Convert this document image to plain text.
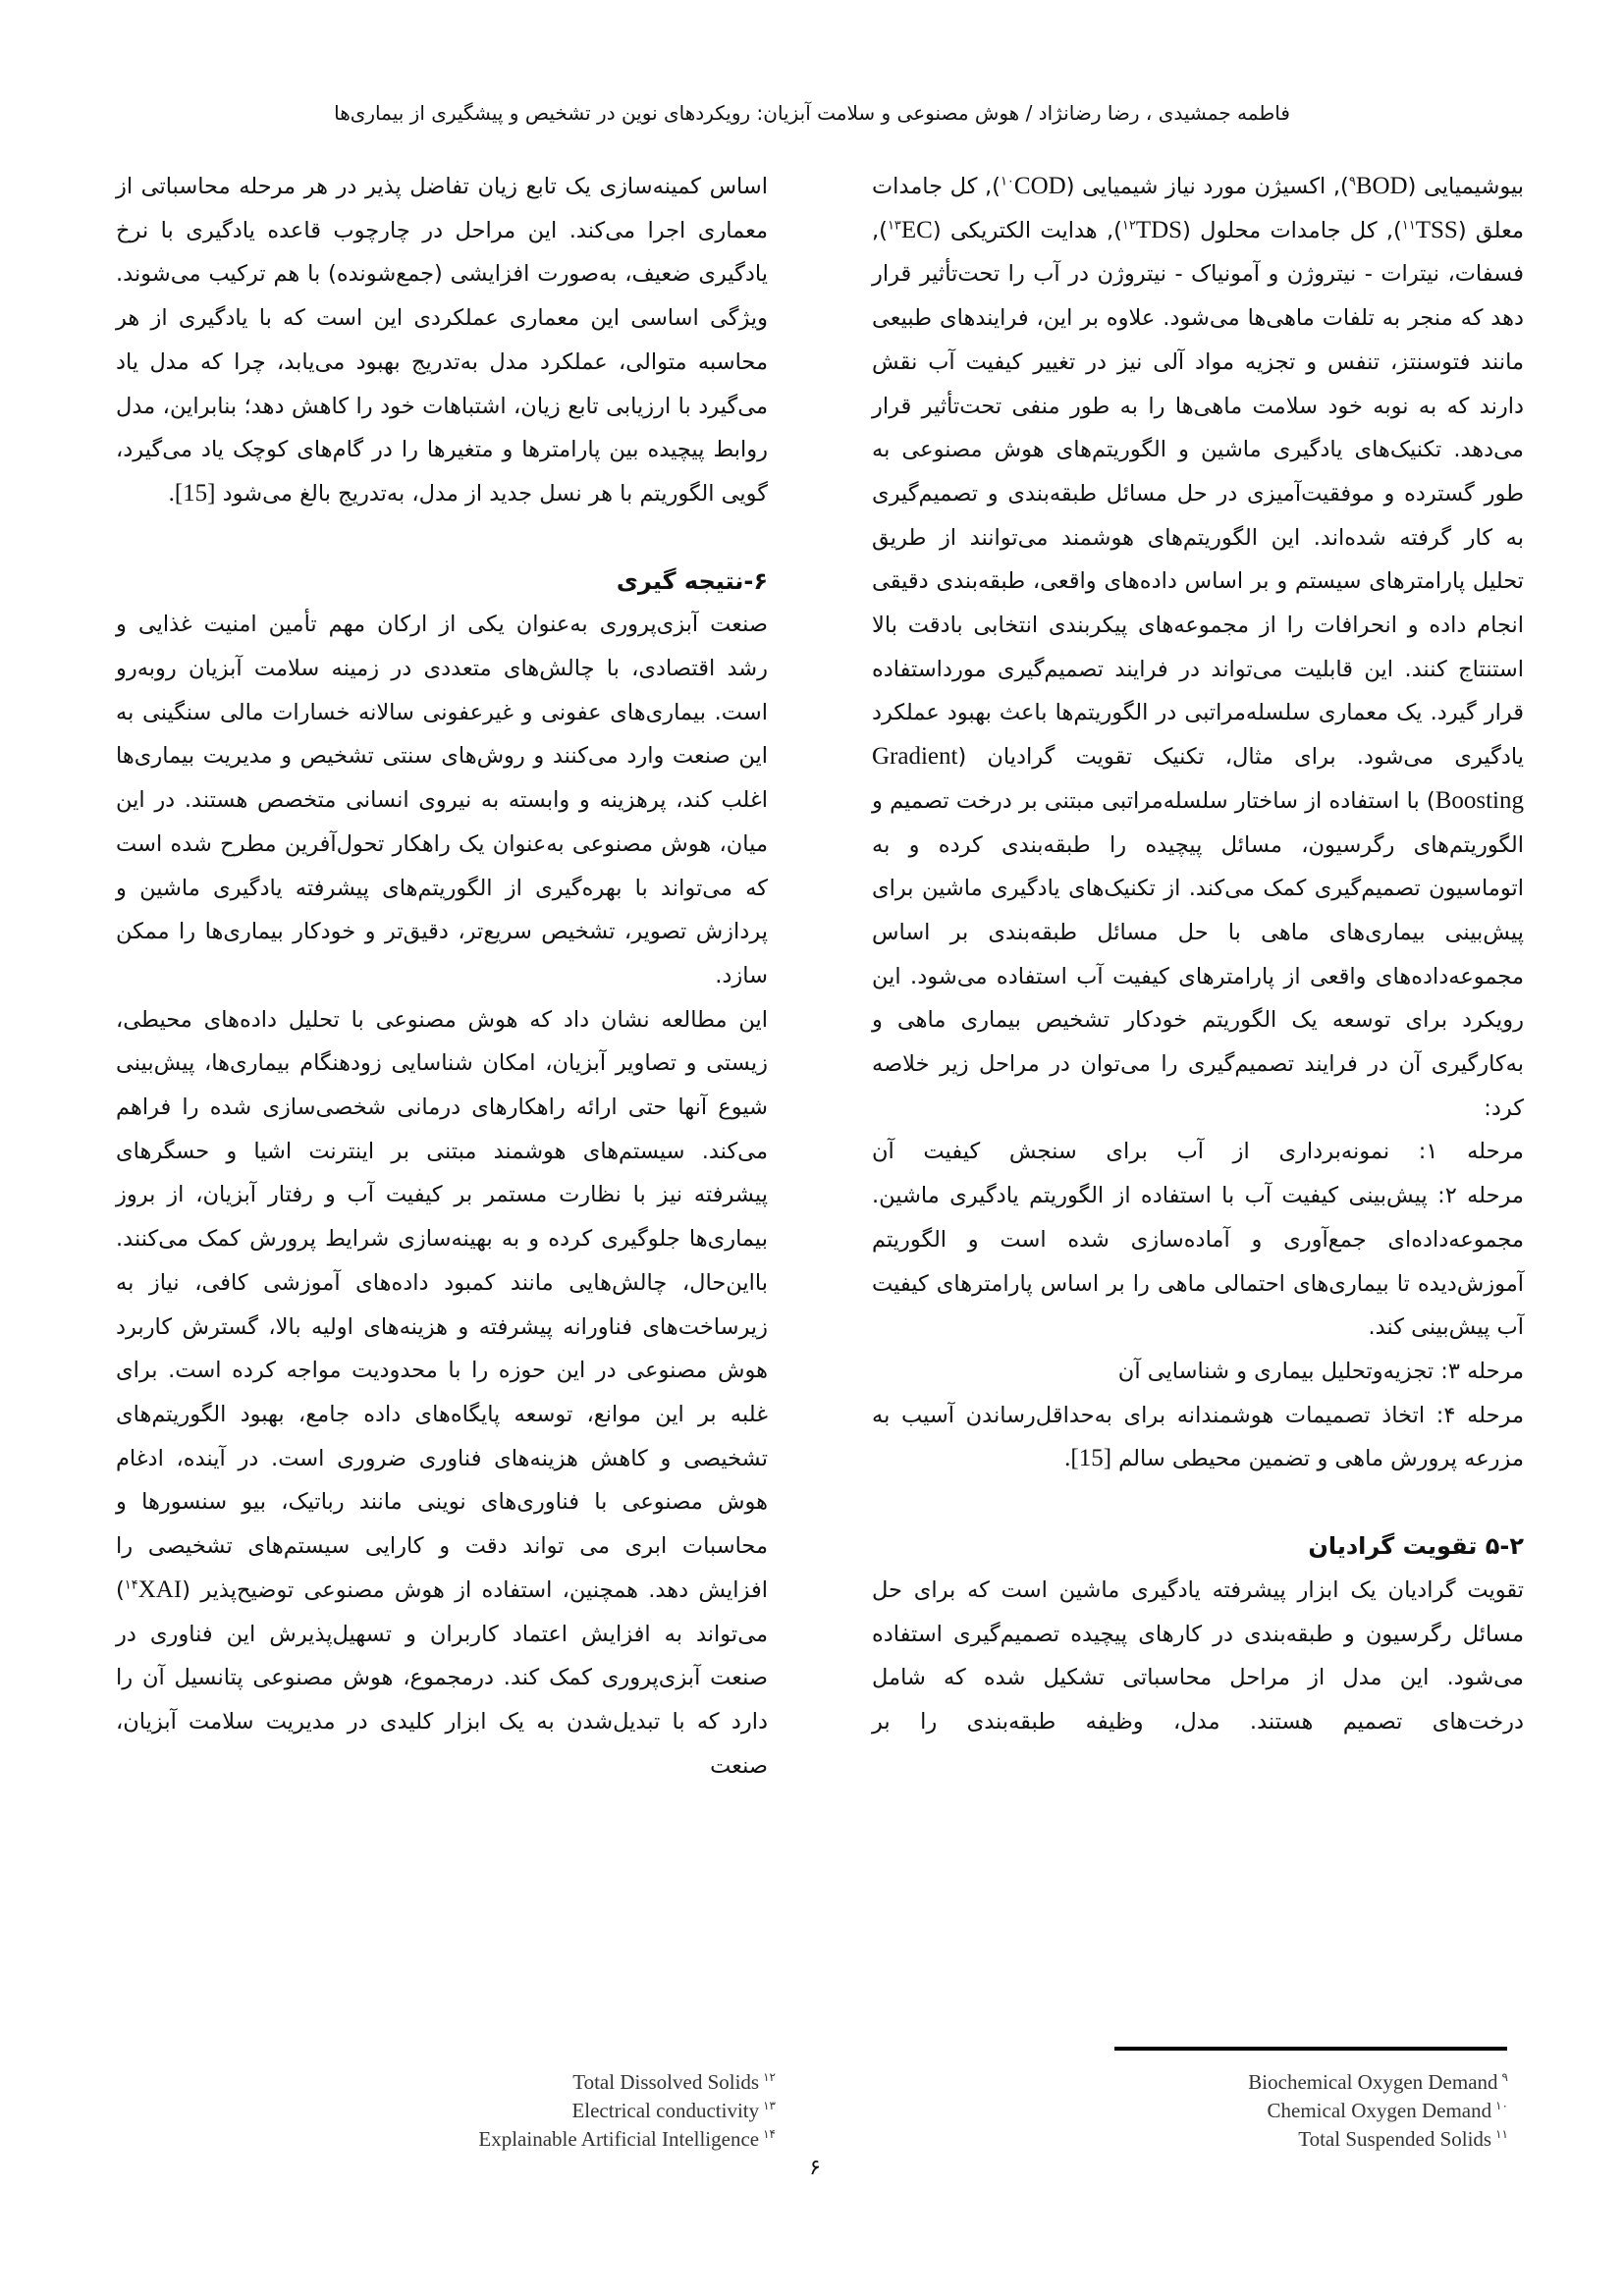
فاطمه جمشیدی ، رضا رضانژاد / هوش مصنوعی و سلامت آبزیان: رویکردهای نوین در تشخیص و پیشگیری از بیماری‌ها

بیوشیمیایی (BOD$^۹$), اکسیژن مورد نیاز شیمیایی (COD$^{۱۰}$), کل جامدات معلق (TSS$^{۱۱}$), کل جامدات محلول (TDS$^{۱۲}$), هدایت الکتریکی (EC$^{۱۳}$), فسفات، نیترات - نیتروژن و آمونیاک - نیتروژن در آب را تحت‌تأثیر قرار دهد که منجر به تلفات ماهی‌ها می‌شود. علاوه بر این، فرایندهای طبیعی مانند فتوسنتز، تنفس و تجزیه مواد آلی نیز در تغییر کیفیت آب نقش دارند که به نوبه خود سلامت ماهی‌ها را به طور منفی تحت‌تأثیر قرار می‌دهد. تکنیک‌های یادگیری ماشین و الگوریتم‌های هوش مصنوعی به طور گسترده و موفقیت‌آمیزی در حل مسائل طبقه‌بندی و تصمیم‌گیری به کار گرفته شده‌اند. این الگوریتم‌های هوشمند می‌توانند از طریق تحلیل پارامترهای سیستم و بر اساس داده‌های واقعی، طبقه‌بندی دقیقی انجام داده و انحرافات را از مجموعه‌های پیکربندی انتخابی بادقت بالا استنتاج کنند. این قابلیت می‌تواند در فرایند تصمیم‌گیری مورداستفاده قرار گیرد. یک معماری سلسله‌مراتبی در الگوریتم‌ها باعث بهبود عملکرد یادگیری می‌شود. برای مثال، تکنیک تقویت گرادیان (Gradient Boosting) با استفاده از ساختار سلسله‌مراتبی مبتنی بر درخت تصمیم و الگوریتم‌های رگرسیون، مسائل پیچیده را طبقه‌بندی کرده و به اتوماسیون تصمیم‌گیری کمک می‌کند. از تکنیک‌های یادگیری ماشین برای پیش‌بینی بیماری‌های ماهی با حل مسائل طبقه‌بندی بر اساس مجموعه‌داده‌های واقعی از پارامترهای کیفیت آب استفاده می‌شود. این رویکرد برای توسعه یک الگوریتم خودکار تشخیص بیماری ماهی و به‌کارگیری آن در فرایند تصمیم‌گیری را می‌توان در مراحل زیر خلاصه کرد:

مرحله ۱: نمونه‌برداری از آب برای سنجش کیفیت آن

مرحله ۲: پیش‌بینی کیفیت آب با استفاده از الگوریتم یادگیری ماشین. مجموعه‌داده‌ای جمع‌آوری و آماده‌سازی شده است و الگوریتم آموزش‌دیده تا بیماری‌های احتمالی ماهی را بر اساس پارامترهای کیفیت آب پیش‌بینی کند.

مرحله ۳: تجزیه‌وتحلیل بیماری و شناسایی آن

مرحله ۴: اتخاذ تصمیمات هوشمندانه برای به‌حداقل‌رساندن آسیب به مزرعه پرورش ماهی و تضمین محیطی سالم [15].

۵-۲ تقویت گرادیان

تقویت گرادیان یک ابزار پیشرفته یادگیری ماشین است که برای حل مسائل رگرسیون و طبقه‌بندی در کارهای پیچیده تصمیم‌گیری استفاده می‌شود. این مدل از مراحل محاسباتی تشکیل شده که شامل درخت‌های تصمیم هستند. مدل، وظیفه طبقه‌بندی را بر

اساس کمینه‌سازی یک تابع زیان تفاضل پذیر در هر مرحله محاسباتی از معماری اجرا می‌کند. این مراحل در چارچوب قاعده یادگیری با نرخ یادگیری ضعیف، به‌صورت افزایشی (جمع‌شونده) با هم ترکیب می‌شوند. ویژگی اساسی این معماری عملکردی این است که با یادگیری از هر محاسبه متوالی، عملکرد مدل به‌تدریج بهبود می‌یابد، چرا که مدل یاد می‌گیرد با ارزیابی تابع زیان، اشتباهات خود را کاهش دهد؛ بنابراین، مدل روابط پیچیده بین پارامترها و متغیرها را در گام‌های کوچک یاد می‌گیرد، گویی الگوریتم با هر نسل جدید از مدل، به‌تدریج بالغ می‌شود [15].

۶-نتیجه گیری

صنعت آبزی‌پروری به‌عنوان یکی از ارکان مهم تأمین امنیت غذایی و رشد اقتصادی، با چالش‌های متعددی در زمینه سلامت آبزیان روبه‌رو است. بیماری‌های عفونی و غیرعفونی سالانه خسارات مالی سنگینی به این صنعت وارد می‌کنند و روش‌های سنتی تشخیص و مدیریت بیماری‌ها اغلب کند، پرهزینه و وابسته به نیروی انسانی متخصص هستند. در این میان، هوش مصنوعی به‌عنوان یک راهکار تحول‌آفرین مطرح شده است که می‌تواند با بهره‌گیری از الگوریتم‌های پیشرفته یادگیری ماشین و پردازش تصویر، تشخیص سریع‌تر، دقیق‌تر و خودکار بیماری‌ها را ممکن سازد.

این مطالعه نشان داد که هوش مصنوعی با تحلیل داده‌های محیطی، زیستی و تصاویر آبزیان، امکان شناسایی زودهنگام بیماری‌ها، پیش‌بینی شیوع آنها حتی ارائه راهکارهای درمانی شخصی‌سازی شده را فراهم می‌کند. سیستم‌های هوشمند مبتنی بر اینترنت اشیا و حسگرهای پیشرفته نیز با نظارت مستمر بر کیفیت آب و رفتار آبزیان، از بروز بیماری‌ها جلوگیری کرده و به بهینه‌سازی شرایط پرورش کمک می‌کنند. بااین‌حال، چالش‌هایی مانند کمبود داده‌های آموزشی کافی، نیاز به زیرساخت‌های فناورانه پیشرفته و هزینه‌های اولیه بالا، گسترش کاربرد هوش مصنوعی در این حوزه را با محدودیت مواجه کرده است. برای غلبه بر این موانع، توسعه پایگاه‌های داده جامع، بهبود الگوریتم‌های تشخیصی و کاهش هزینه‌های فناوری ضروری است. در آینده، ادغام هوش مصنوعی با فناوری‌های نوینی مانند رباتیک، بیو سنسورها و محاسبات ابری می تواند دقت و کارایی سیستم‌های تشخیصی را افزایش دهد. همچنین، استفاده از هوش مصنوعی توضیح‌پذیر (XAI$^{۱۴}$) می‌تواند به افزایش اعتماد کاربران و تسهیل‌پذیرش این فناوری در صنعت آبزی‌پروری کمک کند. درمجموع، هوش مصنوعی پتانسیل آن را دارد که با تبدیل‌شدن به یک ابزار کلیدی در مدیریت سلامت آبزیان، صنعت

Biochemical Oxygen Demand $^۹$
Chemical Oxygen Demand $^{۱۰}$
Total Suspended Solids $^{۱۱}$
Total Dissolved Solids $^{۱۲}$
Electrical conductivity $^{۱۳}$
Explainable Artificial Intelligence $^{۱۴}$
۶
